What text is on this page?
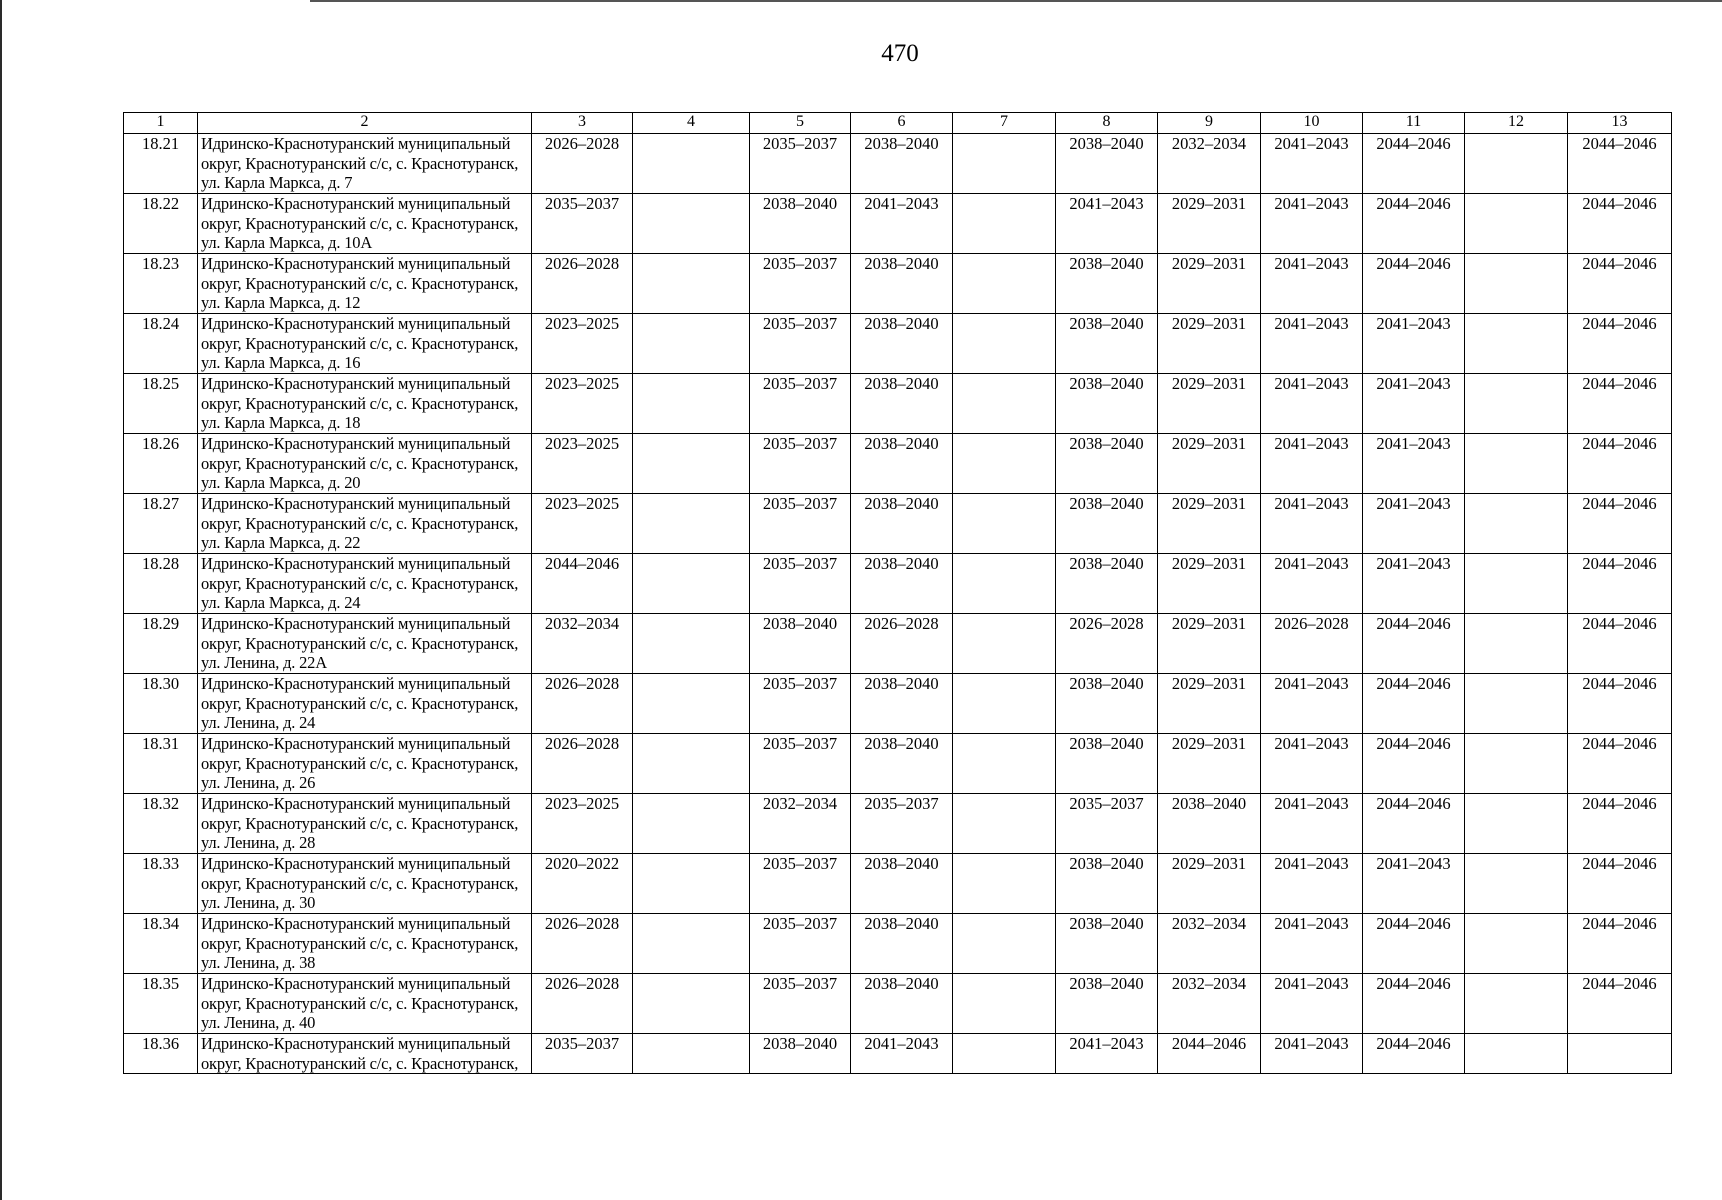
470
1	2	3	4	5	6	7	8	9	10	11	12	13
18.21	Идринско-Краснотуранский муниципальный
округ, Краснотуранский с/с, с. Краснотуранск,
ул. Карла Маркса, д. 7	2026–2028		2035–2037	2038–2040		2038–2040	2032–2034	2041–2043	2044–2046		2044–2046
18.22	Идринско-Краснотуранский муниципальный
округ, Краснотуранский с/с, с. Краснотуранск,
ул. Карла Маркса, д. 10А	2035–2037		2038–2040	2041–2043		2041–2043	2029–2031	2041–2043	2044–2046		2044–2046
18.23	Идринско-Краснотуранский муниципальный
округ, Краснотуранский с/с, с. Краснотуранск,
ул. Карла Маркса, д. 12	2026–2028		2035–2037	2038–2040		2038–2040	2029–2031	2041–2043	2044–2046		2044–2046
18.24	Идринско-Краснотуранский муниципальный
округ, Краснотуранский с/с, с. Краснотуранск,
ул. Карла Маркса, д. 16	2023–2025		2035–2037	2038–2040		2038–2040	2029–2031	2041–2043	2041–2043		2044–2046
18.25	Идринско-Краснотуранский муниципальный
округ, Краснотуранский с/с, с. Краснотуранск,
ул. Карла Маркса, д. 18	2023–2025		2035–2037	2038–2040		2038–2040	2029–2031	2041–2043	2041–2043		2044–2046
18.26	Идринско-Краснотуранский муниципальный
округ, Краснотуранский с/с, с. Краснотуранск,
ул. Карла Маркса, д. 20	2023–2025		2035–2037	2038–2040		2038–2040	2029–2031	2041–2043	2041–2043		2044–2046
18.27	Идринско-Краснотуранский муниципальный
округ, Краснотуранский с/с, с. Краснотуранск,
ул. Карла Маркса, д. 22	2023–2025		2035–2037	2038–2040		2038–2040	2029–2031	2041–2043	2041–2043		2044–2046
18.28	Идринско-Краснотуранский муниципальный
округ, Краснотуранский с/с, с. Краснотуранск,
ул. Карла Маркса, д. 24	2044–2046		2035–2037	2038–2040		2038–2040	2029–2031	2041–2043	2041–2043		2044–2046
18.29	Идринско-Краснотуранский муниципальный
округ, Краснотуранский с/с, с. Краснотуранск,
ул. Ленина, д. 22А	2032–2034		2038–2040	2026–2028		2026–2028	2029–2031	2026–2028	2044–2046		2044–2046
18.30	Идринско-Краснотуранский муниципальный
округ, Краснотуранский с/с, с. Краснотуранск,
ул. Ленина, д. 24	2026–2028		2035–2037	2038–2040		2038–2040	2029–2031	2041–2043	2044–2046		2044–2046
18.31	Идринско-Краснотуранский муниципальный
округ, Краснотуранский с/с, с. Краснотуранск,
ул. Ленина, д. 26	2026–2028		2035–2037	2038–2040		2038–2040	2029–2031	2041–2043	2044–2046		2044–2046
18.32	Идринско-Краснотуранский муниципальный
округ, Краснотуранский с/с, с. Краснотуранск,
ул. Ленина, д. 28	2023–2025		2032–2034	2035–2037		2035–2037	2038–2040	2041–2043	2044–2046		2044–2046
18.33	Идринско-Краснотуранский муниципальный
округ, Краснотуранский с/с, с. Краснотуранск,
ул. Ленина, д. 30	2020–2022		2035–2037	2038–2040		2038–2040	2029–2031	2041–2043	2041–2043		2044–2046
18.34	Идринско-Краснотуранский муниципальный
округ, Краснотуранский с/с, с. Краснотуранск,
ул. Ленина, д. 38	2026–2028		2035–2037	2038–2040		2038–2040	2032–2034	2041–2043	2044–2046		2044–2046
18.35	Идринско-Краснотуранский муниципальный
округ, Краснотуранский с/с, с. Краснотуранск,
ул. Ленина, д. 40	2026–2028		2035–2037	2038–2040		2038–2040	2032–2034	2041–2043	2044–2046		2044–2046
18.36	Идринско-Краснотуранский муниципальный
округ, Краснотуранский с/с, с. Краснотуранск,	2035–2037		2038–2040	2041–2043		2041–2043	2044–2046	2041–2043	2044–2046		
